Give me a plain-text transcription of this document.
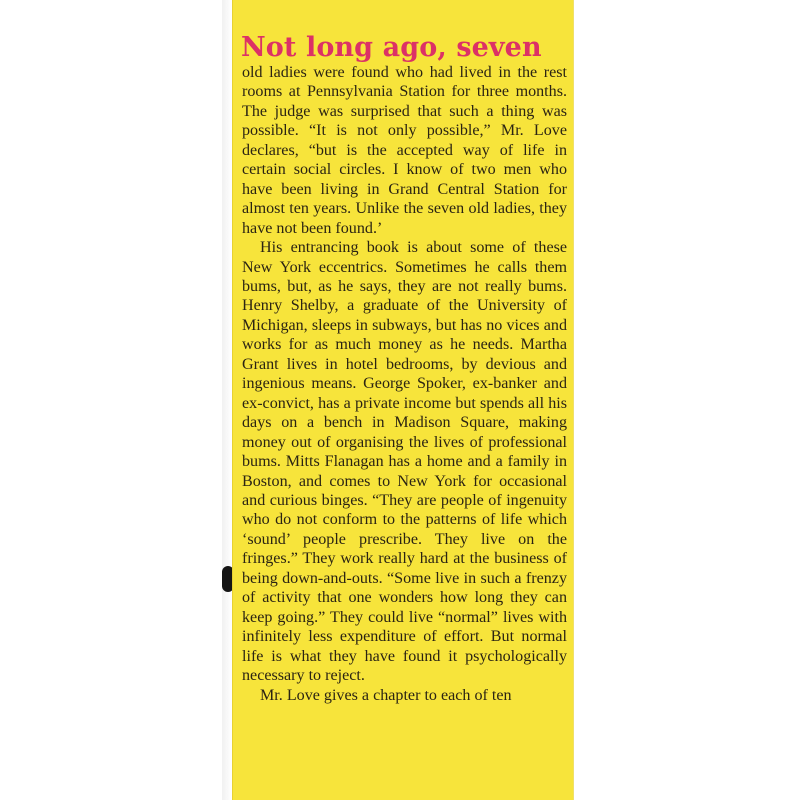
Not long ago, seven

old ladies were found who had lived in the rest rooms at Pennsylvania Station for three months. The judge was surprised that such a thing was possible. “It is not only possible,” Mr. Love declares, “but is the accepted way of life in certain social circles. I know of two men who have been living in Grand Central Station for almost ten years. Unlike the seven old ladies, they have not been found.’

His entrancing book is about some of these New York eccentrics. Sometimes he calls them bums, but, as he says, they are not really bums. Henry Shelby, a graduate of the University of Michigan, sleeps in subways, but has no vices and works for as much money as he needs. Martha Grant lives in hotel bedrooms, by devious and ingenious means. George Spoker, ex-banker and ex-convict, has a private income but spends all his days on a bench in Madison Square, making money out of organising the lives of professional bums. Mitts Flanagan has a home and a family in Boston, and comes to New York for occasional and curious binges. “They are people of ingenuity who do not conform to the patterns of life which ‘sound’ people prescribe. They live on the fringes.” They work really hard at the business of being down-and-outs. “Some live in such a frenzy of activity that one wonders how long they can keep going.” They could live “normal” lives with infinitely less expenditure of effort. But normal life is what they have found it psychologically necessary to reject.

Mr. Love gives a chapter to each of ten
